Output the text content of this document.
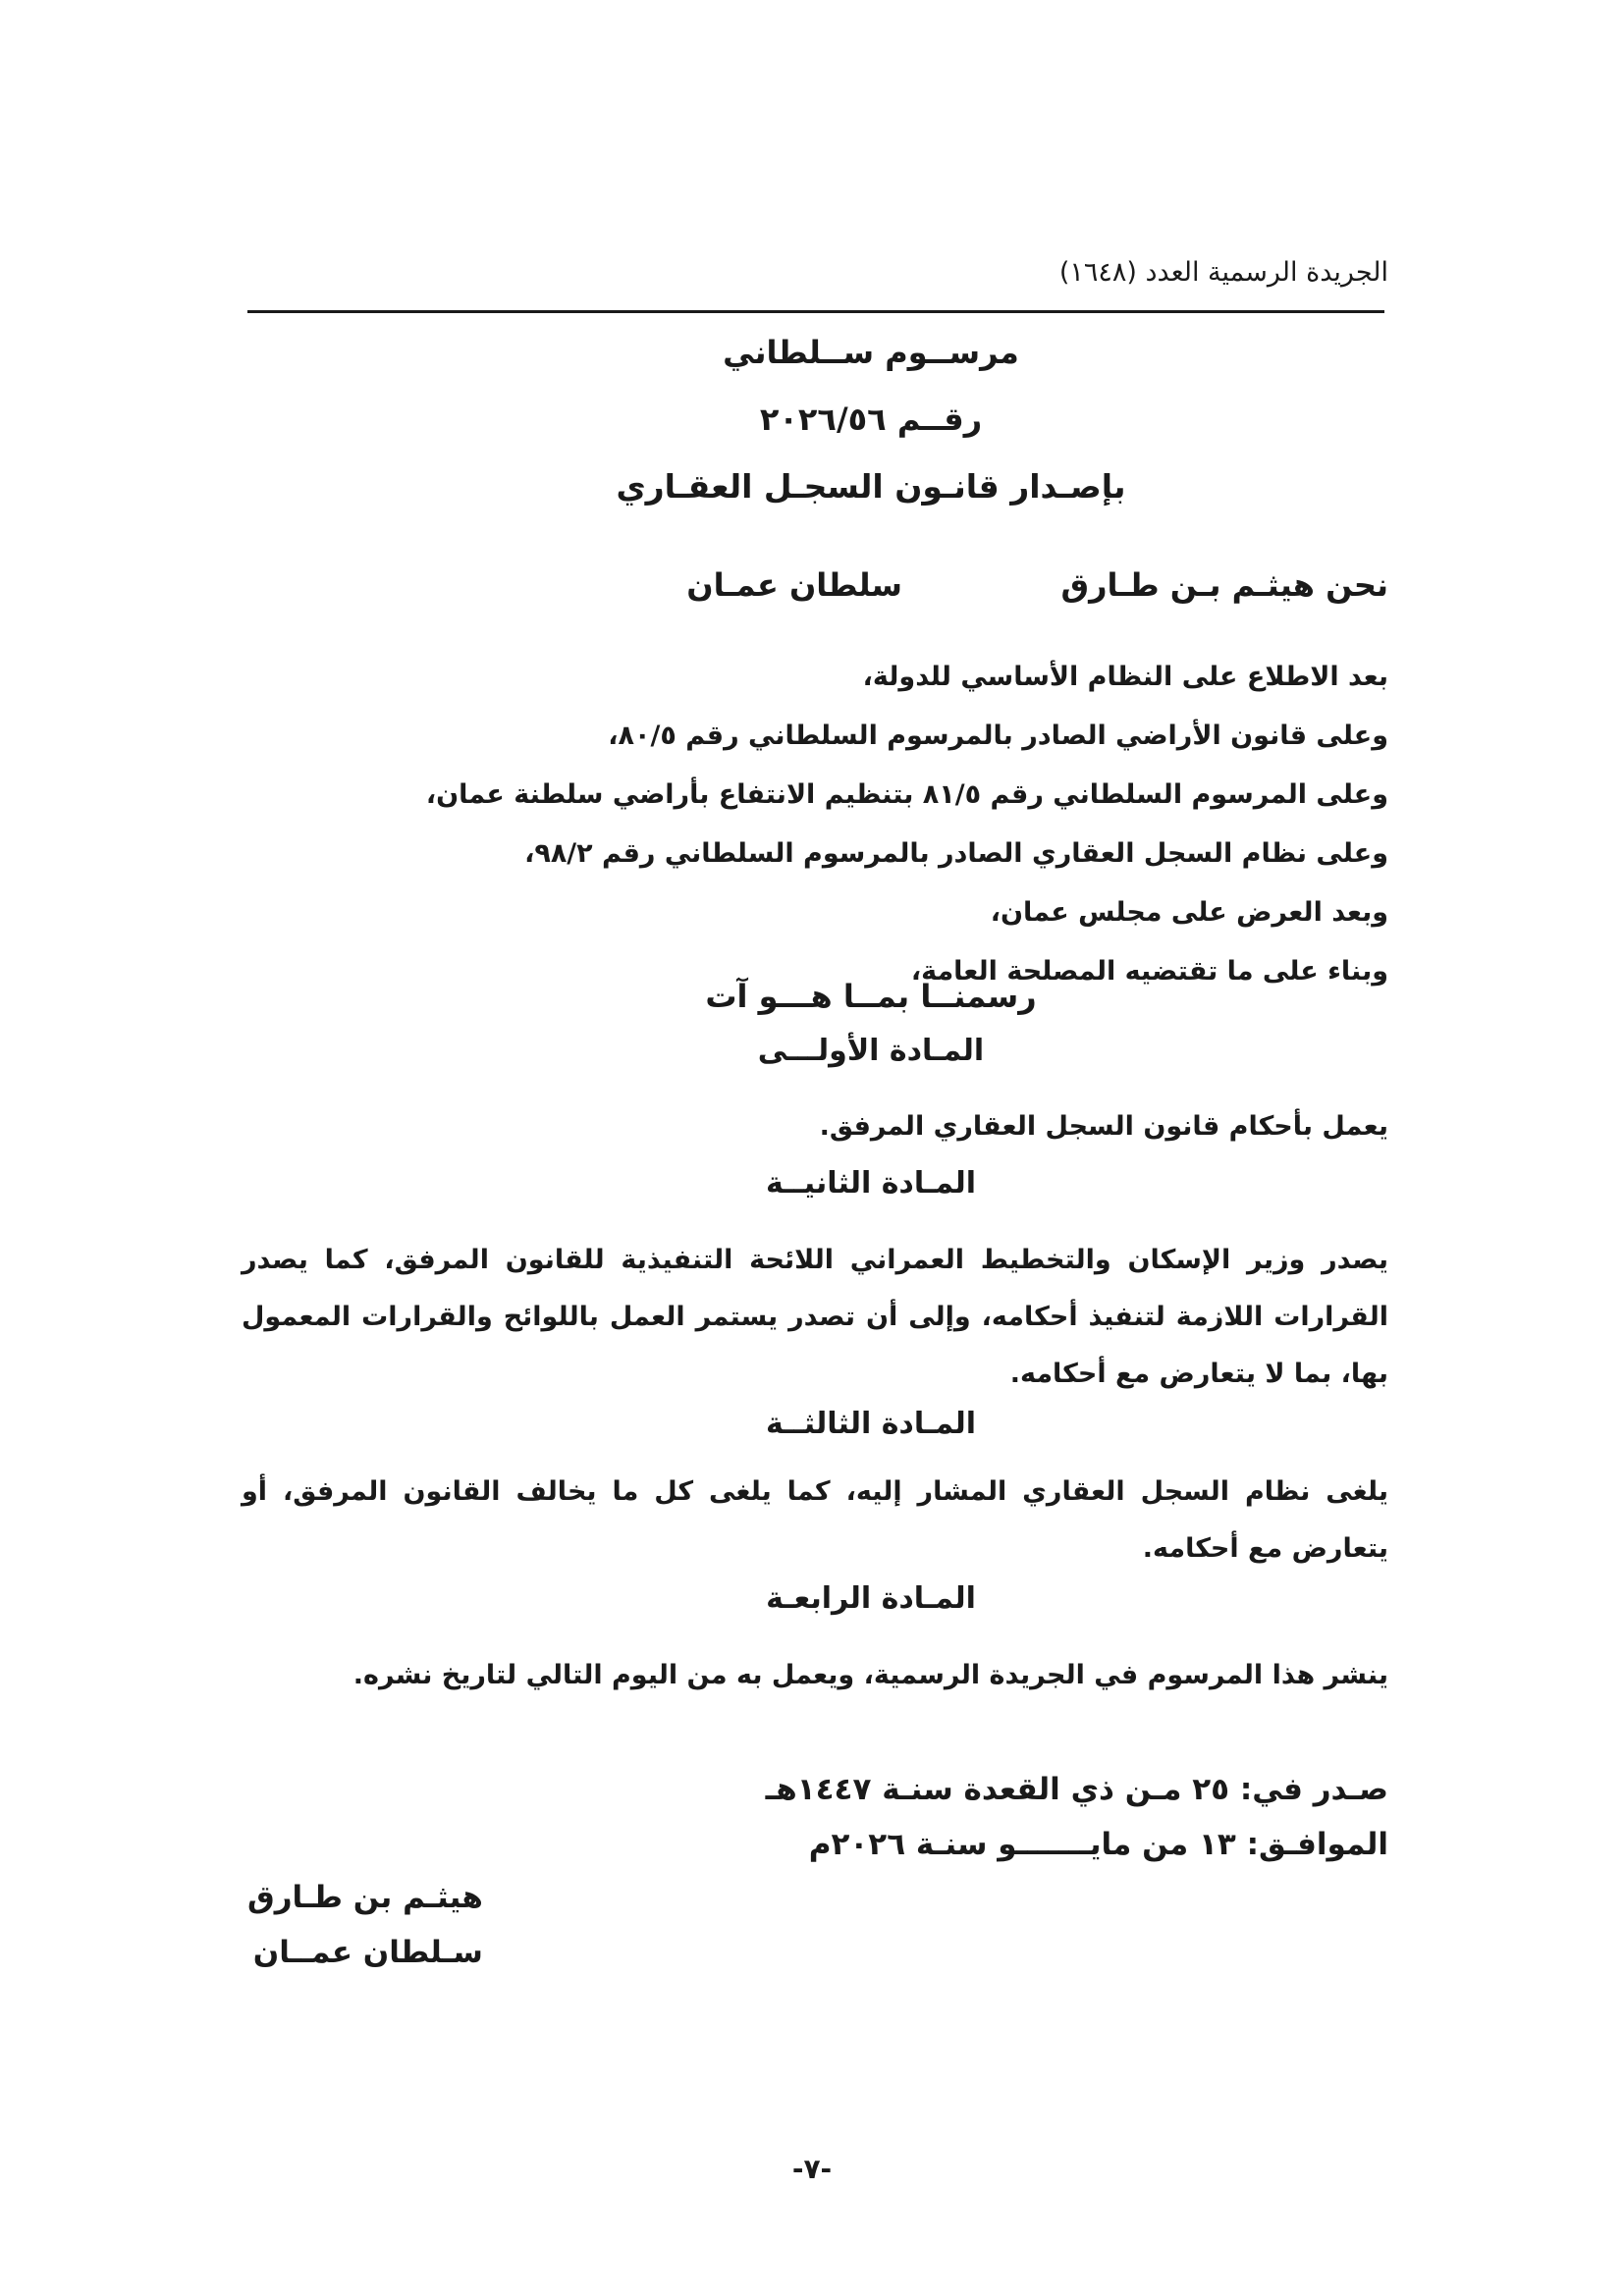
الجريدة الرسمية العدد (١٦٤٨)
مرســوم ســلطاني
رقــم ٢٠٢٦/٥٦
بإصـدار قانـون السجـل العقـاري
نحن هيثـم بـن طـارق
سلطان عمـان
بعد الاطلاع على النظام الأساسي للدولة،
وعلى قانون الأراضي الصادر بالمرسوم السلطاني رقم ٨٠/٥،
وعلى المرسوم السلطاني رقم ٨١/٥ بتنظيم الانتفاع بأراضي سلطنة عمان،
وعلى نظام السجل العقاري الصادر بالمرسوم السلطاني رقم ٩٨/٢،
وبعد العرض على مجلس عمان،
وبناء على ما تقتضيه المصلحة العامة،
رسمنــا بمــا هـــو آت
المـادة الأولـــى
يعمل بأحكام قانون السجل العقاري المرفق.
المـادة الثانيــة
يصدر وزير الإسكان والتخطيط العمراني اللائحة التنفيذية للقانون المرفق، كما يصدر القرارات اللازمة لتنفيذ أحكامه، وإلى أن تصدر يستمر العمل باللوائح والقرارات المعمول بها، بما لا يتعارض مع أحكامه.
المـادة الثالثــة
يلغى نظام السجل العقاري المشار إليه، كما يلغى كل ما يخالف القانون المرفق، أو يتعارض مع أحكامه.
المـادة الرابعـة
ينشر هذا المرسوم في الجريدة الرسمية، ويعمل به من اليوم التالي لتاريخ نشره.
صـدر في: ٢٥ مـن ذي القعدة سنـة ١٤٤٧هـ
الموافـق: ١٣ من مايـــــــو سنـة ٢٠٢٦م
هيثـم بن طـارق
سـلطان عمــان
-٧-
